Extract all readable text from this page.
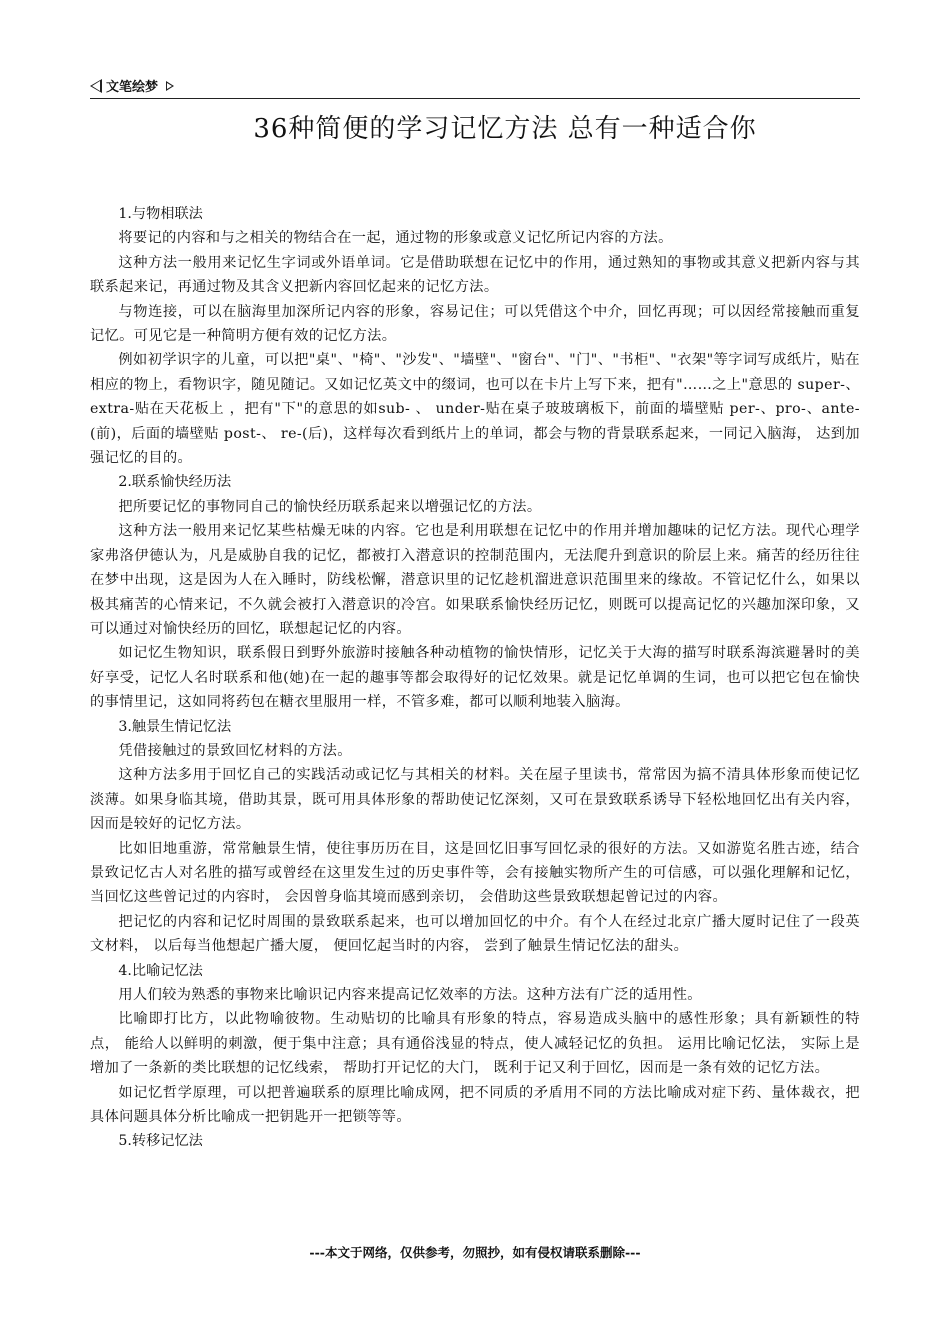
文笔绘梦
36种简便的学习记忆方法 总有一种适合你

1.与物相联法

将要记的内容和与之相关的物结合在一起，通过物的形象或意义记忆所记内容的方法。

这种方法一般用来记忆生字词或外语单词。它是借助联想在记忆中的作用，通过熟知的事物或其意义把新内容与其联系起来记，再通过物及其含义把新内容回忆起来的记忆方法。

与物连接，可以在脑海里加深所记内容的形象，容易记住；可以凭借这个中介，回忆再现；可以因经常接触而重复记忆。可见它是一种简明方便有效的记忆方法。

例如初学识字的儿童，可以把"桌"、"椅"、"沙发"、"墙壁"、"窗台"、"门"、"书柜"、"衣架"等字词写成纸片，贴在相应的物上，看物识字，随见随记。又如记忆英文中的缀词，也可以在卡片上写下来，把有"……之上"意思的 super-、 extra-贴在天花板上 ，把有"下"的意思的如sub- 、 under-贴在桌子玻玻璃板下，前面的墙壁贴 per-、pro-、ante-(前)，后面的墙壁贴 post-、 re-(后)，这样每次看到纸片上的单词，都会与物的背景联系起来，一同记入脑海， 达到加强记忆的目的。

2.联系愉快经历法

把所要记忆的事物同自己的愉快经历联系起来以增强记忆的方法。

这种方法一般用来记忆某些枯燥无味的内容。它也是利用联想在记忆中的作用并增加趣味的记忆方法。现代心理学家弗洛伊德认为，凡是威胁自我的记忆，都被打入潜意识的控制范围内，无法爬升到意识的阶层上来。痛苦的经历往往在梦中出现，这是因为人在入睡时，防线松懈，潜意识里的记忆趁机溜进意识范围里来的缘故。不管记忆什么，如果以极其痛苦的心情来记，不久就会被打入潜意识的冷宫。如果联系愉快经历记忆，则既可以提高记忆的兴趣加深印象，又可以通过对愉快经历的回忆，联想起记忆的内容。

如记忆生物知识，联系假日到野外旅游时接触各种动植物的愉快情形，记忆关于大海的描写时联系海滨避暑时的美好享受，记忆人名时联系和他(她)在一起的趣事等都会取得好的记忆效果。就是记忆单调的生词，也可以把它包在愉快的事情里记，这如同将药包在糖衣里服用一样，不管多难，都可以顺利地装入脑海。

3.触景生情记忆法

凭借接触过的景致回忆材料的方法。

这种方法多用于回忆自己的实践活动或记忆与其相关的材料。关在屋子里读书，常常因为搞不清具体形象而使记忆淡薄。如果身临其境，借助其景，既可用具体形象的帮助使记忆深刻，又可在景致联系诱导下轻松地回忆出有关内容，因而是较好的记忆方法。

比如旧地重游，常常触景生情，使往事历历在目，这是回忆旧事写回忆录的很好的方法。又如游览名胜古迹，结合景致记忆古人对名胜的描写或曾经在这里发生过的历史事件等，会有接触实物所产生的可信感，可以强化理解和记忆，当回忆这些曾记过的内容时， 会因曾身临其境而感到亲切， 会借助这些景致联想起曾记过的内容。

把记忆的内容和记忆时周围的景致联系起来，也可以增加回忆的中介。有个人在经过北京广播大厦时记住了一段英文材料， 以后每当他想起广播大厦， 便回忆起当时的内容， 尝到了触景生情记忆法的甜头。

4.比喻记忆法

用人们较为熟悉的事物来比喻识记内容来提高记忆效率的方法。这种方法有广泛的适用性。

比喻即打比方，以此物喻彼物。生动贴切的比喻具有形象的特点，容易造成头脑中的感性形象；具有新颖性的特点， 能给人以鲜明的刺激，便于集中注意；具有通俗浅显的特点，使人减轻记忆的负担。 运用比喻记忆法， 实际上是增加了一条新的类比联想的记忆线索， 帮助打开记忆的大门， 既利于记又利于回忆，因而是一条有效的记忆方法。

如记忆哲学原理，可以把普遍联系的原理比喻成网，把不同质的矛盾用不同的方法比喻成对症下药、量体裁衣，把具体问题具体分析比喻成一把钥匙开一把锁等等。

5.转移记忆法

---本文于网络，仅供参考，勿照抄，如有侵权请联系删除---
